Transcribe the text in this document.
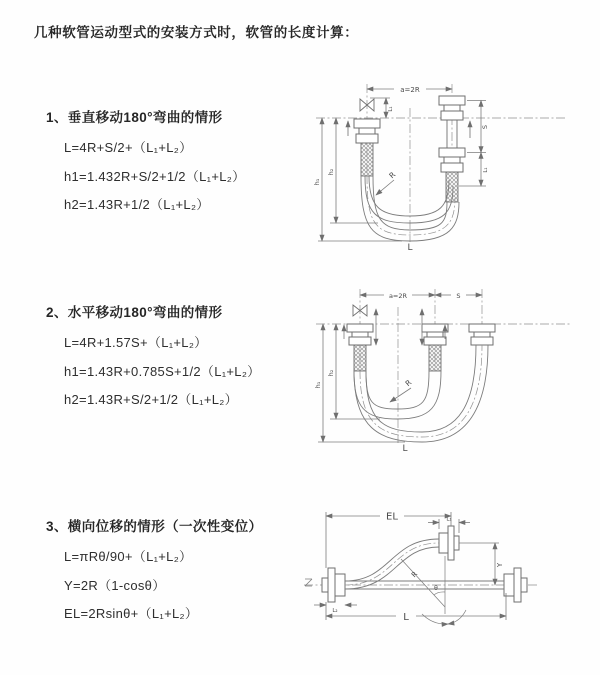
几种软管运动型式的安装方式时，软管的长度计算：
1、垂直移动180°弯曲的情形
L=4R+S/2+（L₁+L₂）
h1=1.432R+S/2+1/2（L₁+L₂）
h2=1.43R+1/2（L₁+L₂）
2、水平移动180°弯曲的情形
L=4R+1.57S+（L₁+L₂）
h1=1.43R+0.785S+1/2（L₁+L₂）
h2=1.43R+S/2+1/2（L₁+L₂）
3、横向位移的情形（一次性变位）
L=πRθ/90+（L₁+L₂）
Y=2R（1-cosθ）
EL=2Rsinθ+（L₁+L₂）
a=2R
R
h₁
h₂
L₁
S
L₁
L
a=2R	S
R
h₁
h₂
L
EL	L₁
Y
R
θ
L
L₂
